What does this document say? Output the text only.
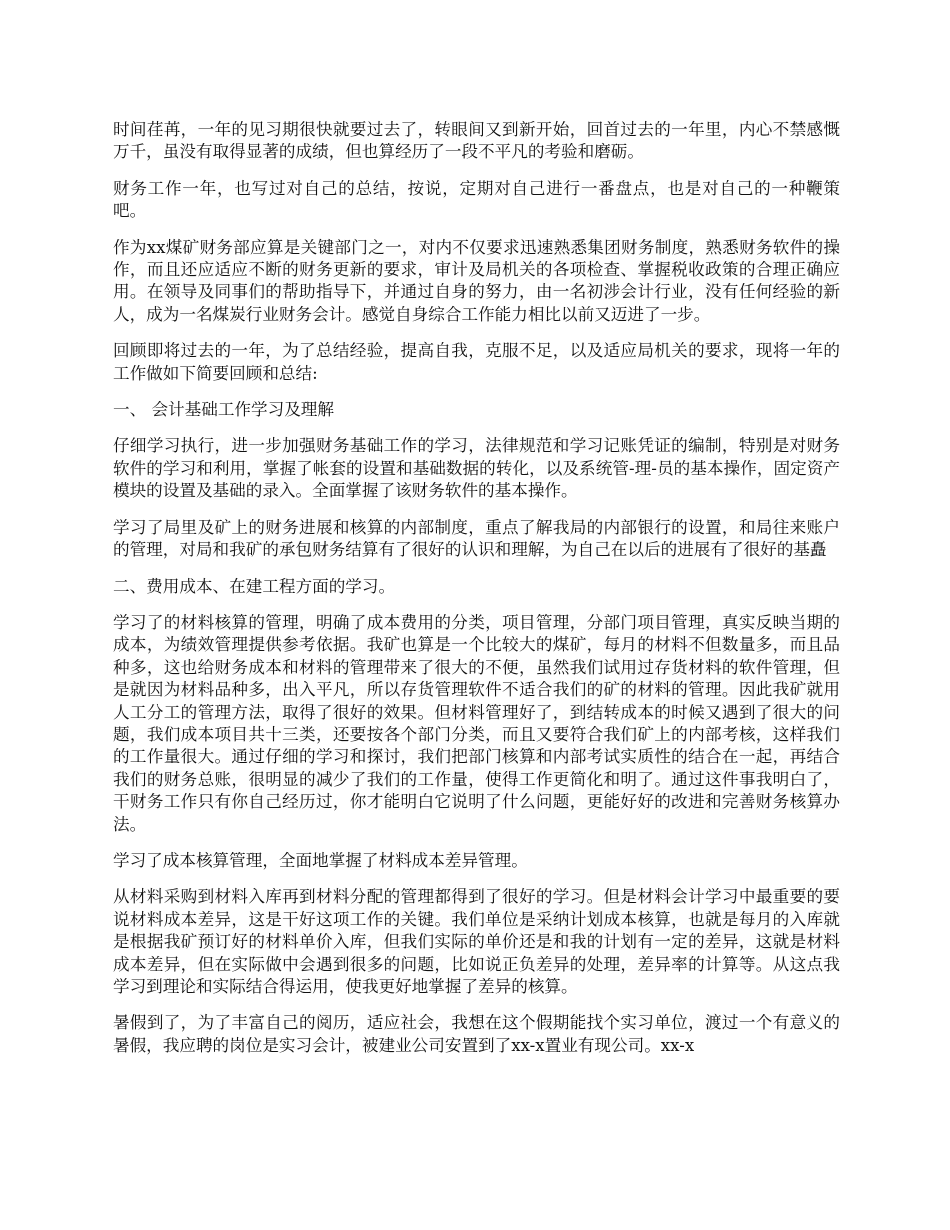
时间荏苒，一年的见习期很快就要过去了，转眼间又到新开始，回首过去的一年里，内心不禁感慨万千，虽没有取得显著的成绩，但也算经历了一段不平凡的考验和磨砺。

财务工作一年，也写过对自己的总结，按说，定期对自己进行一番盘点，也是对自己的一种鞭策吧。

作为xx煤矿财务部应算是关键部门之一，对内不仅要求迅速熟悉集团财务制度，熟悉财务软件的操作，而且还应适应不断的财务更新的要求，审计及局机关的各项检查、掌握税收政策的合理正确应用。在领导及同事们的帮助指导下，并通过自身的努力，由一名初涉会计行业，没有任何经验的新人，成为一名煤炭行业财务会计。感觉自身综合工作能力相比以前又迈进了一步。

回顾即将过去的一年，为了总结经验，提高自我，克服不足，以及适应局机关的要求，现将一年的工作做如下简要回顾和总结:

一、 会计基础工作学习及理解

仔细学习执行，进一步加强财务基础工作的学习，法律规范和学习记账凭证的编制，特别是对财务软件的学习和利用，掌握了帐套的设置和基础数据的转化，以及系统管-理-员的基本操作，固定资产模块的设置及基础的录入。全面掌握了该财务软件的基本操作。

学习了局里及矿上的财务进展和核算的内部制度，重点了解我局的内部银行的设置，和局往来账户的管理，对局和我矿的承包财务结算有了很好的认识和理解，为自己在以后的进展有了很好的基矗

二、费用成本、在建工程方面的学习。

学习了的材料核算的管理，明确了成本费用的分类，项目管理，分部门项目管理，真实反映当期的成本，为绩效管理提供参考依据。我矿也算是一个比较大的煤矿，每月的材料不但数量多，而且品种多，这也给财务成本和材料的管理带来了很大的不便，虽然我们试用过存货材料的软件管理，但是就因为材料品种多，出入平凡，所以存货管理软件不适合我们的矿的材料的管理。因此我矿就用人工分工的管理方法，取得了很好的效果。但材料管理好了，到结转成本的时候又遇到了很大的问题，我们成本项目共十三类，还要按各个部门分类，而且又要符合我们矿上的内部考核，这样我们的工作量很大。通过仔细的学习和探讨，我们把部门核算和内部考试实质性的结合在一起，再结合我们的财务总账，很明显的减少了我们的工作量，使得工作更简化和明了。通过这件事我明白了，干财务工作只有你自己经历过，你才能明白它说明了什么问题，更能好好的改进和完善财务核算办法。

学习了成本核算管理，全面地掌握了材料成本差异管理。

从材料采购到材料入库再到材料分配的管理都得到了很好的学习。但是材料会计学习中最重要的要说材料成本差异，这是干好这项工作的关键。我们单位是采纳计划成本核算，也就是每月的入库就是根据我矿预订好的材料单价入库，但我们实际的单价还是和我的计划有一定的差异，这就是材料成本差异，但在实际做中会遇到很多的问题，比如说正负差异的处理，差异率的计算等。从这点我学习到理论和实际结合得运用，使我更好地掌握了差异的核算。

暑假到了，为了丰富自己的阅历，适应社会，我想在这个假期能找个实习单位，渡过一个有意义的暑假，我应聘的岗位是实习会计，被建业公司安置到了xx-x置业有现公司。xx-x
